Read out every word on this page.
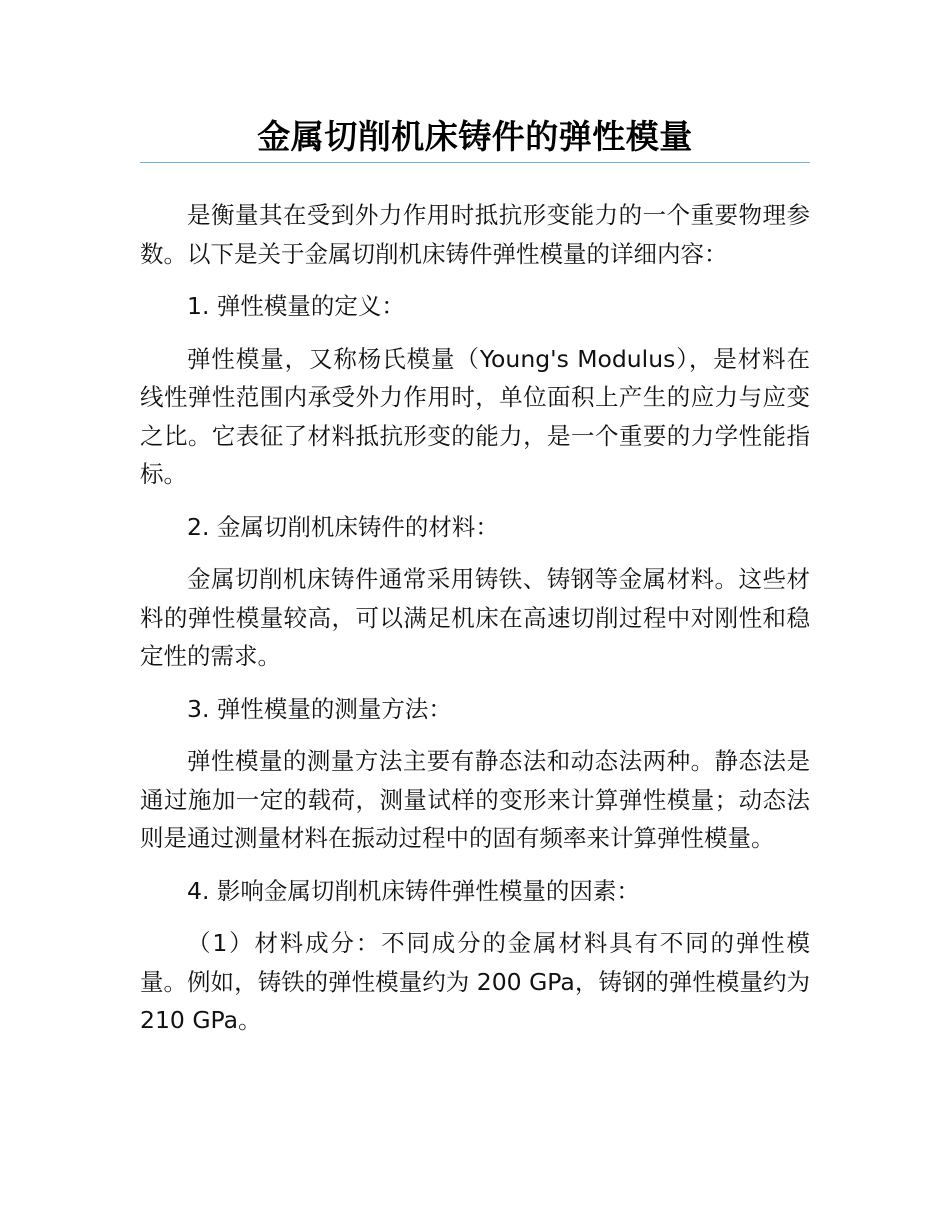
金属切削机床铸件的弹性模量

是衡量其在受到外力作用时抵抗形变能力的一个重要物理参数。以下是关于金属切削机床铸件弹性模量的详细内容：

1. 弹性模量的定义：

弹性模量，又称杨氏模量（Young's Modulus），是材料在线性弹性范围内承受外力作用时，单位面积上产生的应力与应变之比。它表征了材料抵抗形变的能力，是一个重要的力学性能指标。

2. 金属切削机床铸件的材料：

金属切削机床铸件通常采用铸铁、铸钢等金属材料。这些材料的弹性模量较高，可以满足机床在高速切削过程中对刚性和稳定性的需求。

3. 弹性模量的测量方法：

弹性模量的测量方法主要有静态法和动态法两种。静态法是通过施加一定的载荷，测量试样的变形来计算弹性模量；动态法则是通过测量材料在振动过程中的固有频率来计算弹性模量。

4. 影响金属切削机床铸件弹性模量的因素：

（1）材料成分：不同成分的金属材料具有不同的弹性模量。例如，铸铁的弹性模量约为 200 GPa，铸钢的弹性模量约为 210 GPa。
